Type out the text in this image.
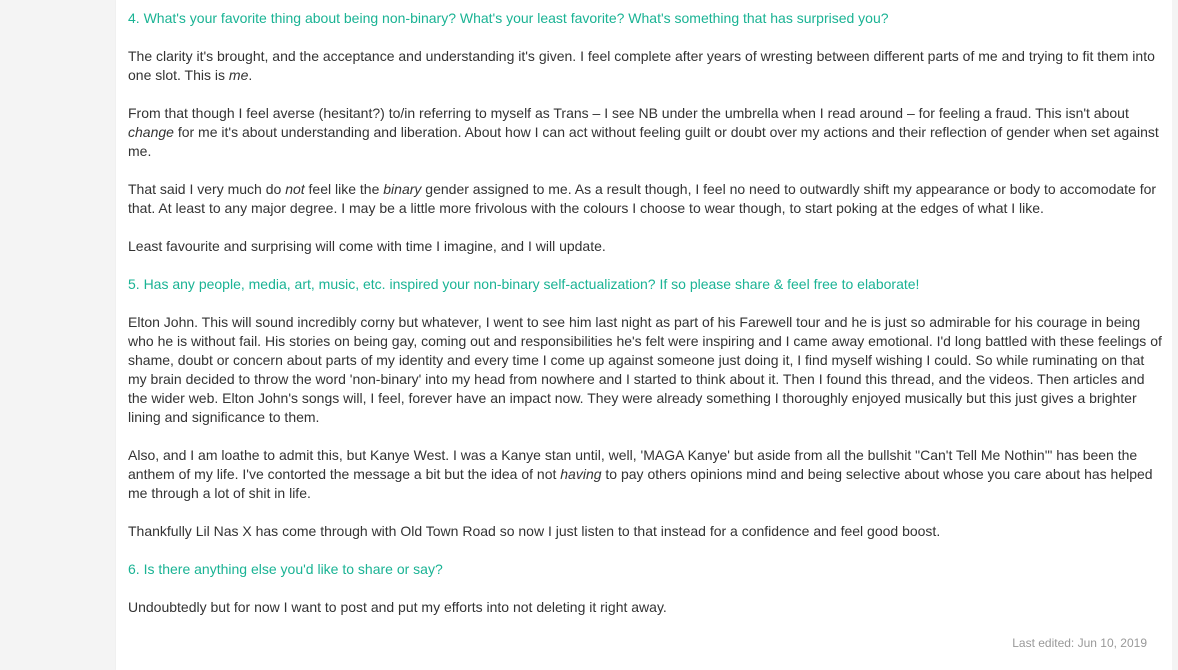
4. What's your favorite thing about being non-binary? What's your least favorite? What's something that has surprised you?
The clarity it's brought, and the acceptance and understanding it's given. I feel complete after years of wresting between different parts of me and trying to fit them into one slot. This is me.
From that though I feel averse (hesitant?) to/in referring to myself as Trans – I see NB under the umbrella when I read around – for feeling a fraud. This isn't about change for me it's about understanding and liberation. About how I can act without feeling guilt or doubt over my actions and their reflection of gender when set against me.
That said I very much do not feel like the binary gender assigned to me. As a result though, I feel no need to outwardly shift my appearance or body to accomodate for that. At least to any major degree. I may be a little more frivolous with the colours I choose to wear though, to start poking at the edges of what I like.
Least favourite and surprising will come with time I imagine, and I will update.
5. Has any people, media, art, music, etc. inspired your non-binary self-actualization? If so please share & feel free to elaborate!
Elton John. This will sound incredibly corny but whatever, I went to see him last night as part of his Farewell tour and he is just so admirable for his courage in being who he is without fail. His stories on being gay, coming out and responsibilities he's felt were inspiring and I came away emotional. I'd long battled with these feelings of shame, doubt or concern about parts of my identity and every time I come up against someone just doing it, I find myself wishing I could. So while ruminating on that my brain decided to throw the word 'non-binary' into my head from nowhere and I started to think about it. Then I found this thread, and the videos. Then articles and the wider web. Elton John's songs will, I feel, forever have an impact now. They were already something I thoroughly enjoyed musically but this just gives a brighter lining and significance to them.
Also, and I am loathe to admit this, but Kanye West. I was a Kanye stan until, well, 'MAGA Kanye' but aside from all the bullshit "Can't Tell Me Nothin'" has been the anthem of my life. I've contorted the message a bit but the idea of not having to pay others opinions mind and being selective about whose you care about has helped me through a lot of shit in life.
Thankfully Lil Nas X has come through with Old Town Road so now I just listen to that instead for a confidence and feel good boost.
6. Is there anything else you'd like to share or say?
Undoubtedly but for now I want to post and put my efforts into not deleting it right away.
Last edited: Jun 10, 2019
